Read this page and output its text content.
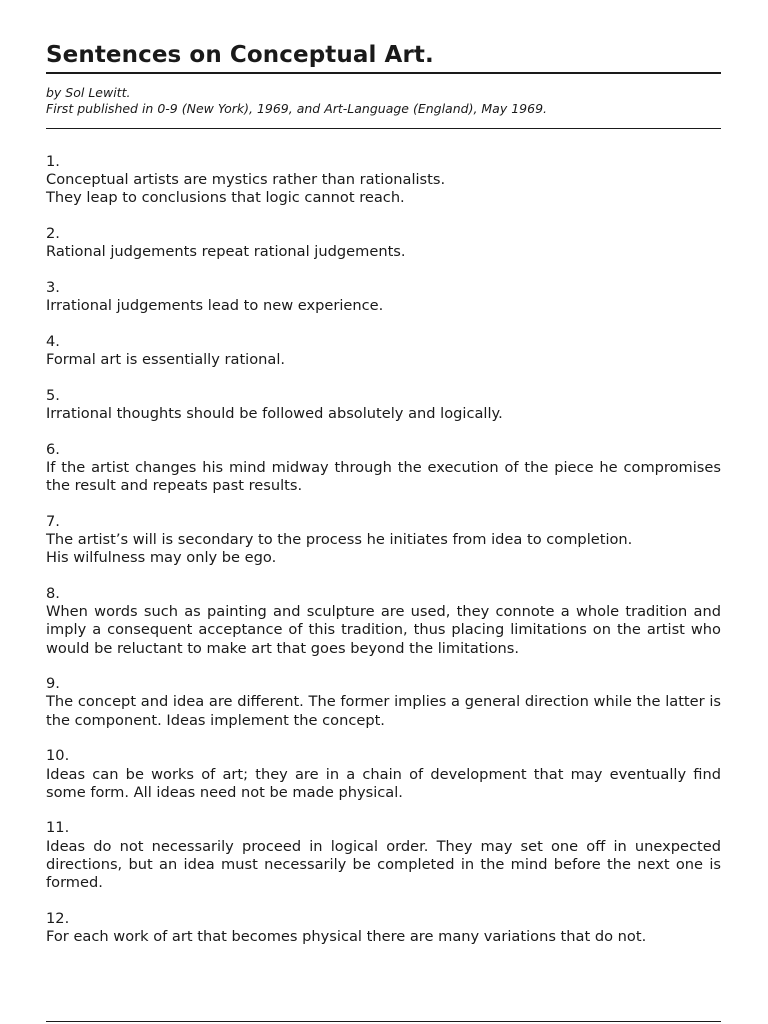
Sentences on Conceptual Art.
by Sol Lewitt.
First published in 0-9 (New York), 1969, and Art-Language (England), May 1969.
1.
Conceptual artists are mystics rather than rationalists.
They leap to conclusions that logic cannot reach.
2.
Rational judgements repeat rational judgements.
3.
Irrational judgements lead to new experience.
4.
Formal art is essentially rational.
5.
Irrational thoughts should be followed absolutely and logically.
6.
If the artist changes his mind midway through the execution of the piece he compromises the result and repeats past results.
7.
The artist’s will is secondary to the process he initiates from idea to completion.
His wilfulness may only be ego.
8.
When words such as painting and sculpture are used, they connote a whole tradition and imply a consequent acceptance of this tradition, thus placing limitations on the artist who would be reluctant to make art that goes beyond the limitations.
9.
The concept and idea are different. The former implies a general direction while the latter is the component. Ideas implement the concept.
10.
Ideas can be works of art; they are in a chain of development that may eventually find some form. All ideas need not be made physical.
11.
Ideas do not necessarily proceed in logical order. They may set one off in unexpected directions, but an idea must necessarily be completed in the mind before the next one is formed.
12.
For each work of art that becomes physical there are many variations that do not.
